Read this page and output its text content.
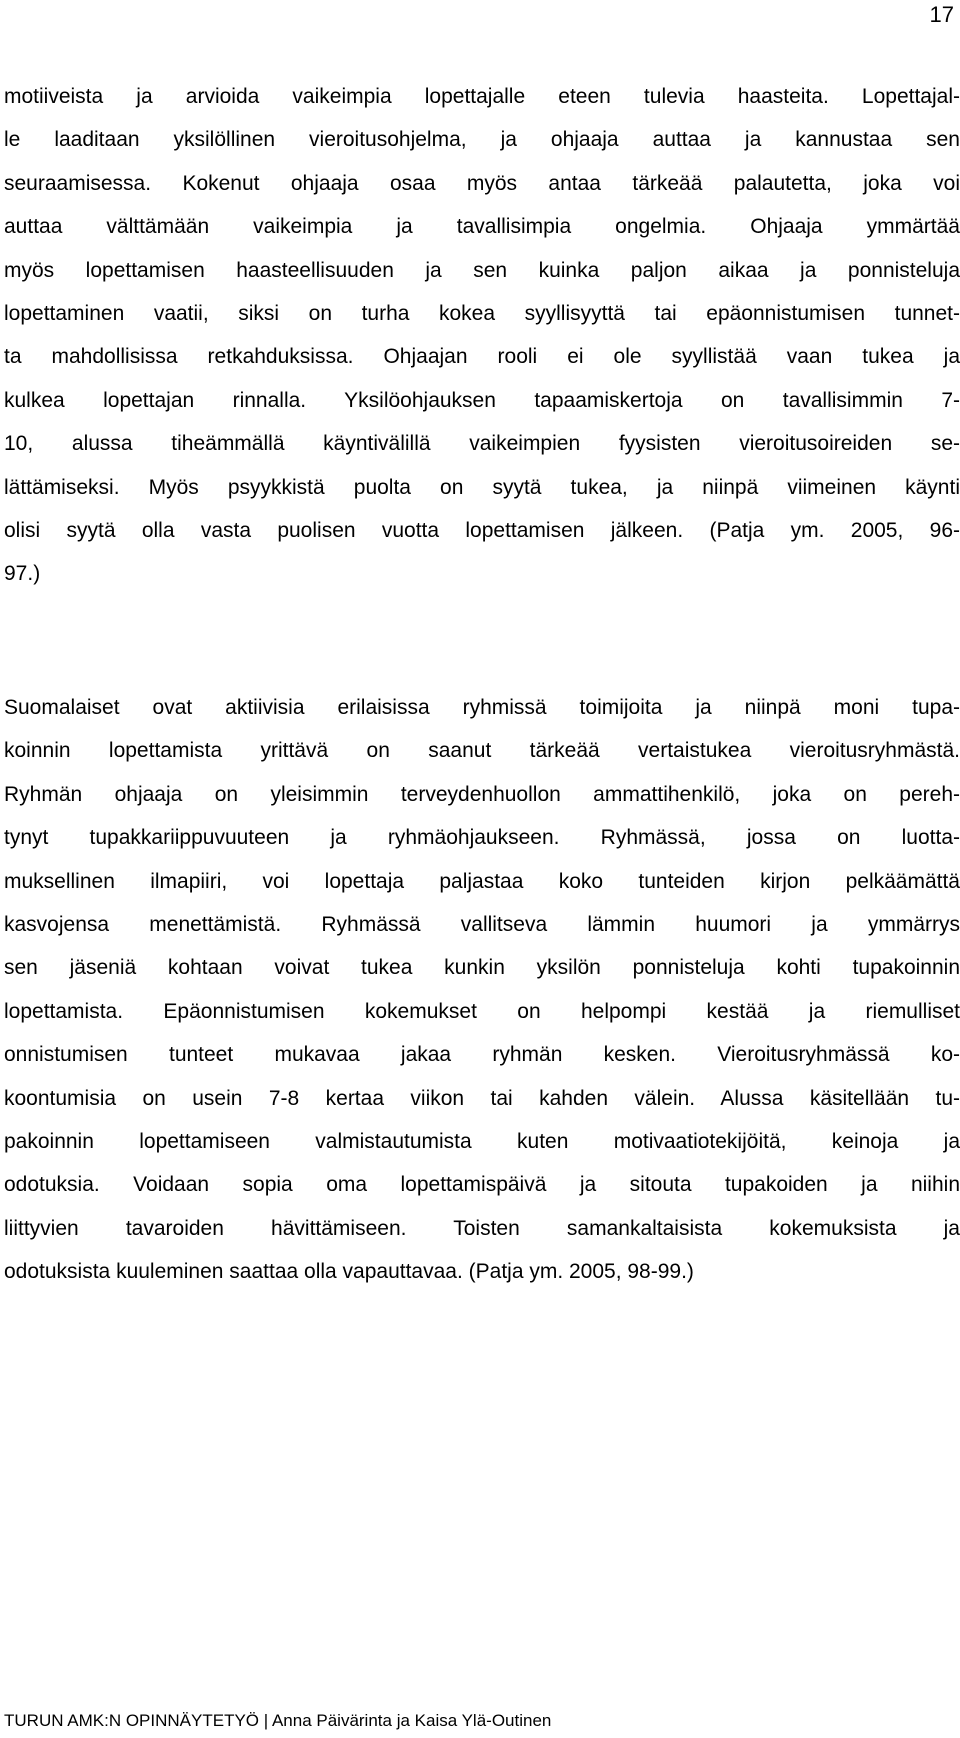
17
motiiveista ja arvioida vaikeimpia lopettajalle eteen tulevia haasteita. Lopettajal-
le laaditaan yksilöllinen vieroitusohjelma, ja ohjaaja auttaa ja kannustaa sen
seuraamisessa. Kokenut ohjaaja osaa myös antaa tärkeää palautetta, joka voi
auttaa välttämään vaikeimpia ja tavallisimpia ongelmia. Ohjaaja ymmärtää
myös lopettamisen haasteellisuuden ja sen kuinka paljon aikaa ja ponnisteluja
lopettaminen vaatii, siksi on turha kokea syyllisyyttä tai epäonnistumisen tunnet-
ta mahdollisissa retkahduksissa. Ohjaajan rooli ei ole syyllistää vaan tukea ja
kulkea lopettajan rinnalla. Yksilöohjauksen tapaamiskertoja on tavallisimmin 7-
10, alussa tiheämmällä käyntivälillä vaikeimpien fyysisten vieroitusoireiden se-
lättämiseksi. Myös psyykkistä puolta on syytä tukea, ja niinpä viimeinen käynti
olisi syytä olla vasta puolisen vuotta lopettamisen jälkeen. (Patja ym. 2005, 96-
97.)
Suomalaiset ovat aktiivisia erilaisissa ryhmissä toimijoita ja niinpä moni tupa-
koinnin lopettamista yrittävä on saanut tärkeää vertaistukea vieroitusryhmästä.
Ryhmän ohjaaja on yleisimmin terveydenhuollon ammattihenkilö, joka on pereh-
tynyt tupakkariippuvuuteen ja ryhmäohjaukseen. Ryhmässä, jossa on luotta-
muksellinen ilmapiiri, voi lopettaja paljastaa koko tunteiden kirjon pelkäämättä
kasvojensa menettämistä. Ryhmässä vallitseva lämmin huumori ja ymmärrys
sen jäseniä kohtaan voivat tukea kunkin yksilön ponnisteluja kohti tupakoinnin
lopettamista. Epäonnistumisen kokemukset on helpompi kestää ja riemulliset
onnistumisen tunteet mukavaa jakaa ryhmän kesken. Vieroitusryhmässä ko-
koontumisia on usein 7-8 kertaa viikon tai kahden välein. Alussa käsitellään tu-
pakoinnin lopettamiseen valmistautumista kuten motivaatiotekijöitä, keinoja ja
odotuksia. Voidaan sopia oma lopettamispäivä ja sitouta tupakoiden ja niihin
liittyvien tavaroiden hävittämiseen. Toisten samankaltaisista kokemuksista ja
odotuksista kuuleminen saattaa olla vapauttavaa. (Patja ym. 2005, 98-99.)
TURUN AMK:N OPINNÄYTETYÖ | Anna Päivärinta ja Kaisa Ylä-Outinen
